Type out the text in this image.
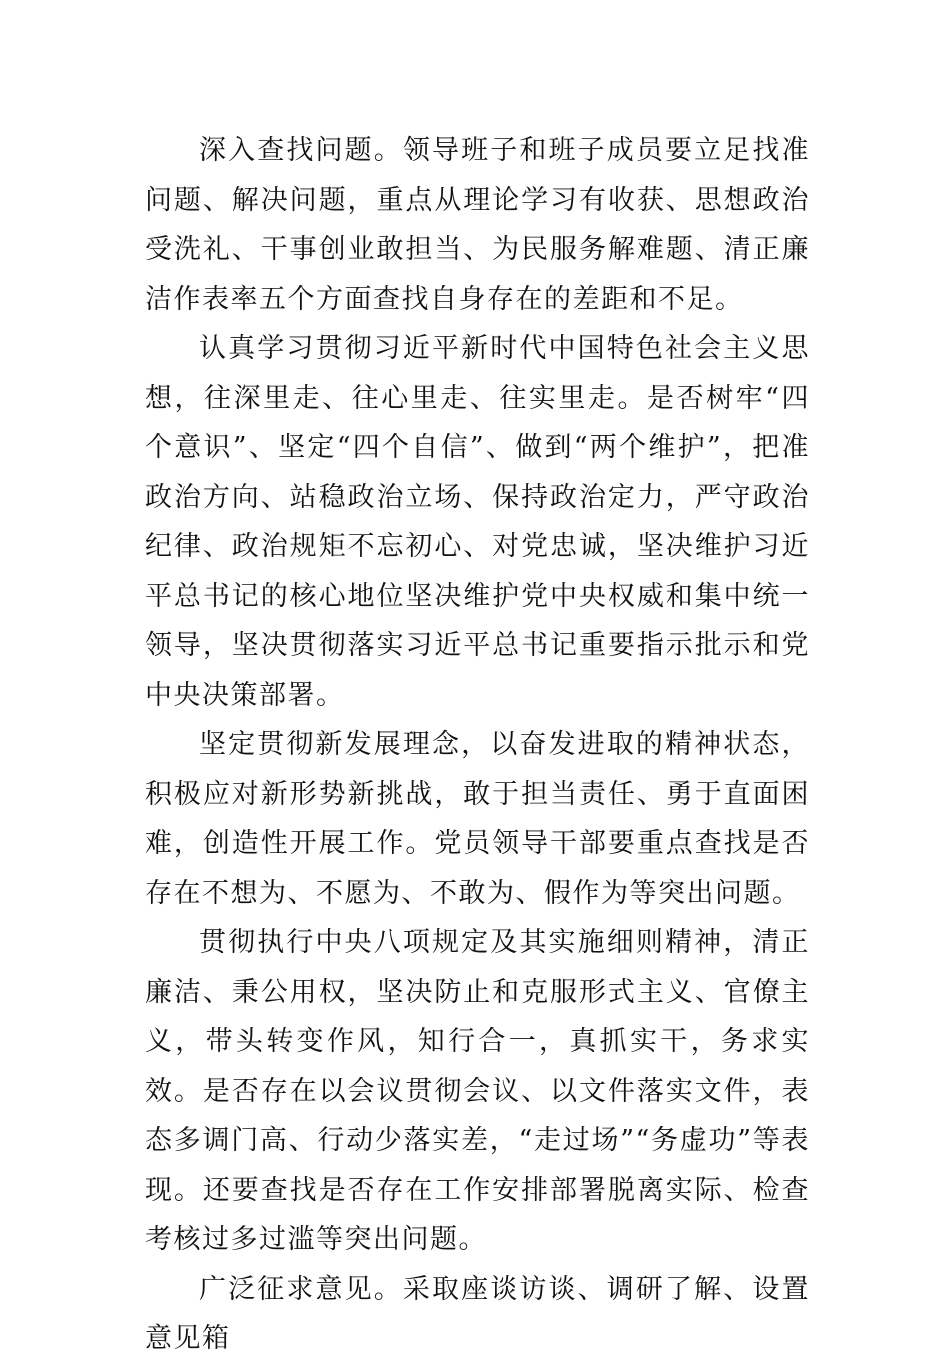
深入查找问题。领导班子和班子成员要立足找准问题、解决问题，重点从理论学习有收获、思想政治受洗礼、干事创业敢担当、为民服务解难题、清正廉洁作表率五个方面查找自身存在的差距和不足。

认真学习贯彻习近平新时代中国特色社会主义思想，往深里走、往心里走、往实里走。是否树牢“四个意识”、坚定“四个自信”、做到“两个维护”，把准政治方向、站稳政治立场、保持政治定力，严守政治纪律、政治规矩不忘初心、对党忠诚，坚决维护习近平总书记的核心地位坚决维护党中央权威和集中统一领导，坚决贯彻落实习近平总书记重要指示批示和党中央决策部署。

坚定贯彻新发展理念，以奋发进取的精神状态，积极应对新形势新挑战，敢于担当责任、勇于直面困难，创造性开展工作。党员领导干部要重点查找是否存在不想为、不愿为、不敢为、假作为等突出问题。

贯彻执行中央八项规定及其实施细则精神，清正廉洁、秉公用权，坚决防止和克服形式主义、官僚主义，带头转变作风，知行合一，真抓实干，务求实效。是否存在以会议贯彻会议、以文件落实文件，表态多调门高、行动少落实差，“走过场”“务虚功”等表现。还要查找是否存在工作安排部署脱离实际、检查考核过多过滥等突出问题。

广泛征求意见。采取座谈访谈、调研了解、设置意见箱
